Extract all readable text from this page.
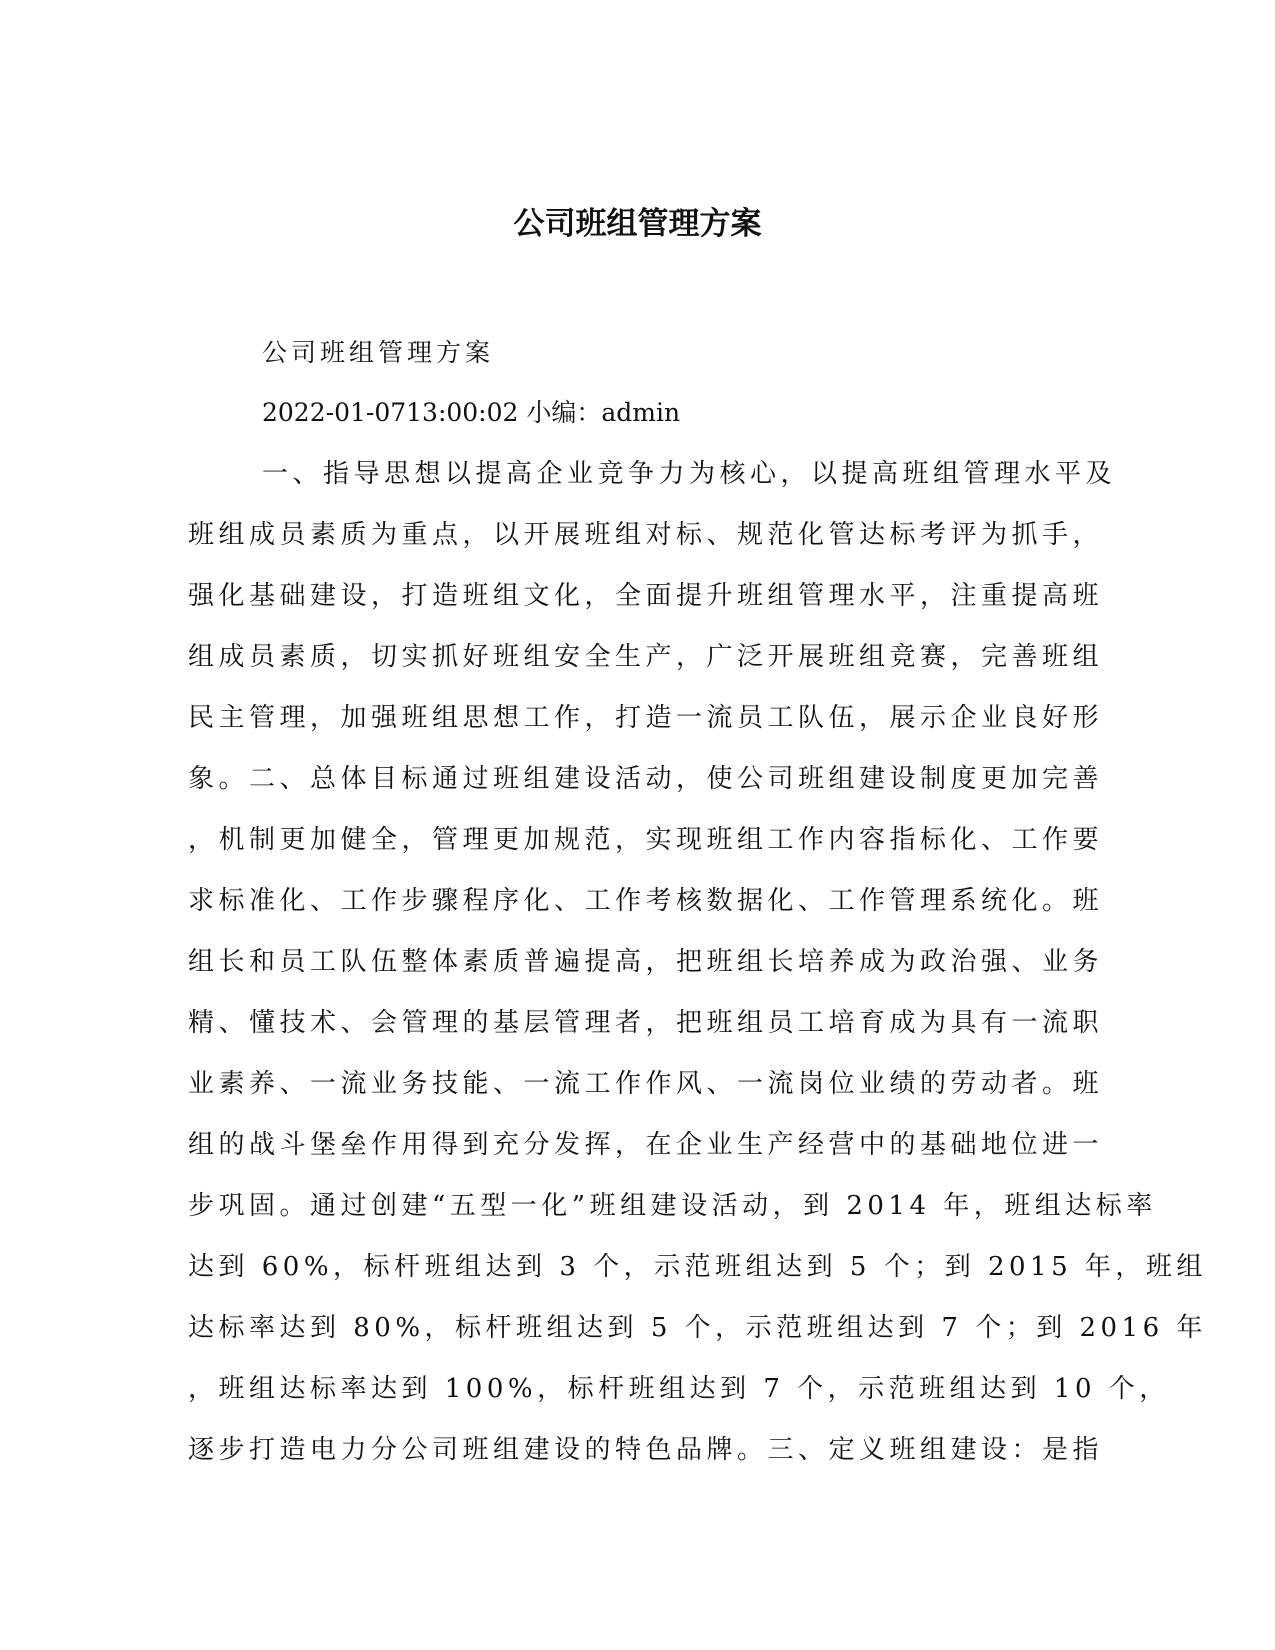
公司班组管理方案
公司班组管理方案
2022-01-0713:00:02 小编：admin
一、指导思想以提高企业竞争力为核心，以提高班组管理水平及
班组成员素质为重点，以开展班组对标、规范化管达标考评为抓手，
强化基础建设，打造班组文化，全面提升班组管理水平，注重提高班
组成员素质，切实抓好班组安全生产，广泛开展班组竞赛，完善班组
民主管理，加强班组思想工作，打造一流员工队伍，展示企业良好形
象。二、总体目标通过班组建设活动，使公司班组建设制度更加完善
，机制更加健全，管理更加规范，实现班组工作内容指标化、工作要
求标准化、工作步骤程序化、工作考核数据化、工作管理系统化。班
组长和员工队伍整体素质普遍提高，把班组长培养成为政治强、业务
精、懂技术、会管理的基层管理者，把班组员工培育成为具有一流职
业素养、一流业务技能、一流工作作风、一流岗位业绩的劳动者。班
组的战斗堡垒作用得到充分发挥，在企业生产经营中的基础地位进一
步巩固。通过创建“五型一化”班组建设活动，到 2014 年，班组达标率
达到 60%，标杆班组达到 3 个，示范班组达到 5 个；到 2015 年，班组
达标率达到 80%，标杆班组达到 5 个，示范班组达到 7 个；到 2016 年
，班组达标率达到 100%，标杆班组达到 7 个，示范班组达到 10 个，
逐步打造电力分公司班组建设的特色品牌。三、定义班组建设：是指
